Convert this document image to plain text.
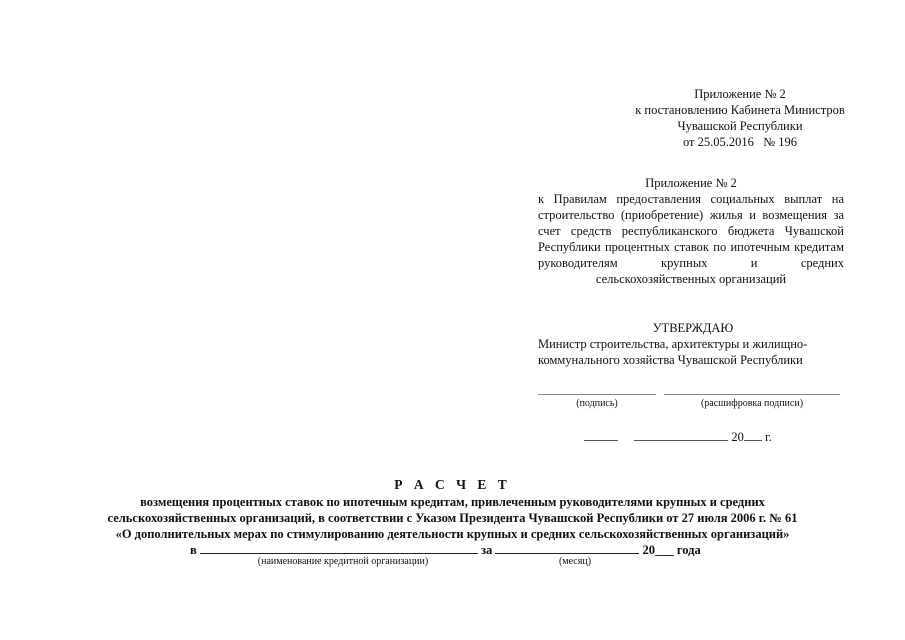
Приложение № 2
к постановлению Кабинета Министров
Чувашской Республики
от 25.05.2016   № 196
Приложение № 2
к Правилам предоставления социальных выплат на строительство (приобретение) жилья и возмещения за счет средств республиканского бюджета Чувашской Республики процентных ставок по ипотечным кредитам руководителям крупных и средних сельскохозяйственных организаций
УТВЕРЖДАЮ
Министр строительства, архитектуры и жилищно-
коммунального хозяйства Чувашской Республики
(подпись)	(расшифровка подписи)
20 г.
Р А С Ч Е Т
возмещения процентных ставок по ипотечным кредитам, привлеченным руководителями крупных и средних
сельскохозяйственных организаций, в соответствии с Указом Президента Чувашской Республики от 27 июля 2006 г. № 61
«О дополнительных мерах по стимулированию деятельности крупных и средних сельскохозяйственных организаций»
в	за	20___ года
(наименование кредитной организации)	(месяц)
